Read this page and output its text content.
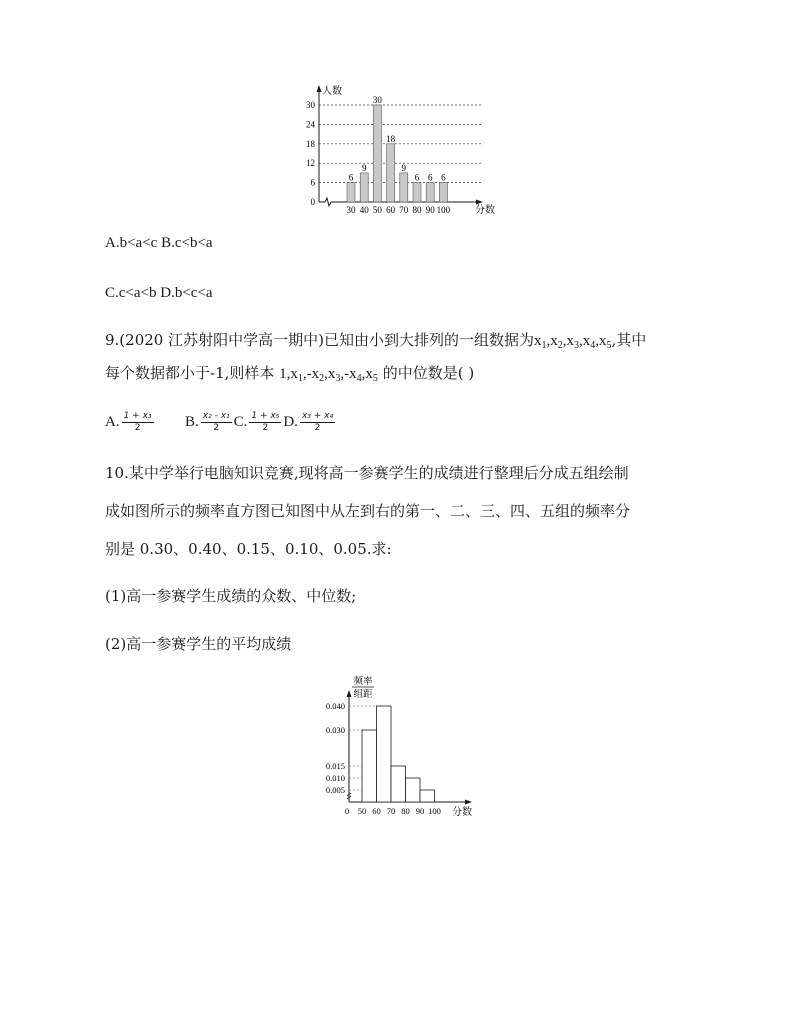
人数
分数
0
6
12
18
24
30
30 40 50 60 70 80 90 100
6
9
30
18
9
6 6 6
A.b<a<c B.c<b<a
C.c<a<b D.b<c<a
9.(2020 江苏射阳中学高一期中)已知由小到大排列的一组数据为$x_1,x_2,x_3,x_4,x_5$,其中
每个数据都小于-1,则样本 $1,x_1,-x_2,x_3,-x_4,x_5$ 的中位数是( )
A. $\frac{\text{1 + x₃}}{2} B$. $\frac{\text{x₂ - x₁}}{2} C$. $\frac{\text{1 + x₅}}{2} D$. $\frac{\text{x₃ + x₄}}{2}$
10.某中学举行电脑知识竞赛,现将高一参赛学生的成绩进行整理后分成五组绘制
成如图所示的频率直方图已知图中从左到右的第一、二、三、四、五组的频率分
别是 0.30、0.40、0.15、0.10、0.05.求:
(1)高一参赛学生成绩的众数、中位数;
(2)高一参赛学生的平均成绩
频率
组距
分数
0.040
0.030
0.015
0.010
0.005
0 50 60 70 80 90 100
